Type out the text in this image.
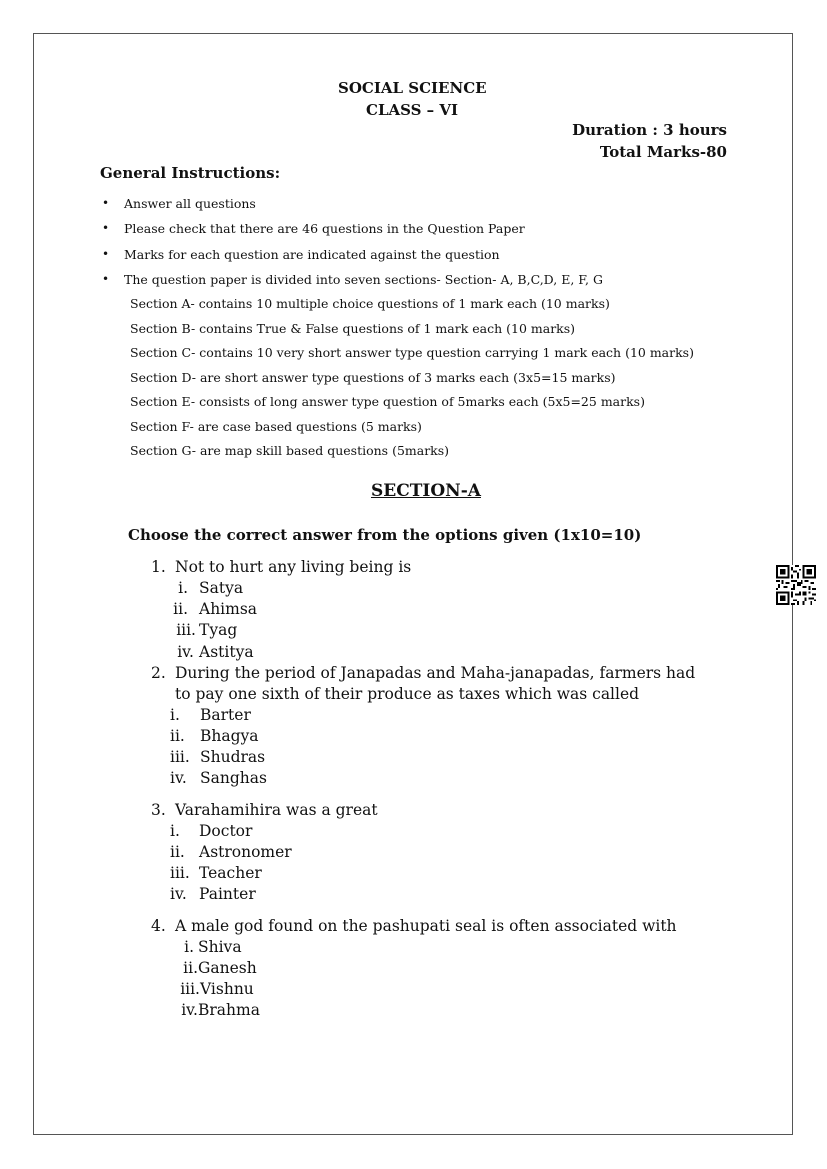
SOCIAL SCIENCE
CLASS – VI
Duration : 3 hours
Total Marks-80
General Instructions:
• Answer all questions
• Please check that there are 46 questions in the Question Paper
• Marks for each question are indicated against the question
• The question paper is divided into seven sections- Section- A, B,C,D, E, F, G
Section A- contains 10 multiple choice questions of 1 mark each (10 marks)
Section B- contains True & False questions of 1 mark each (10 marks)
Section C- contains 10 very short answer type question carrying 1 mark each (10 marks)
Section D- are short answer type questions of 3 marks each (3x5=15 marks)
Section E- consists of long answer type question of 5marks each (5x5=25 marks)
Section F- are case based questions (5 marks)
Section G- are map skill based questions (5marks)
SECTION-A
Choose the correct answer from the options given (1x10=10)
1. Not to hurt any living being is
i. Satya
ii. Ahimsa
iii. Tyag
iv. Astitya
2. During the period of Janapadas and Maha-janapadas, farmers had
to pay one sixth of their produce as taxes which was called
i. Barter
ii. Bhagya
iii. Shudras
iv. Sanghas
3. Varahamihira was a great
i. Doctor
ii. Astronomer
iii. Teacher
iv. Painter
4. A male god found on the pashupati seal is often associated with
i. Shiva
ii. Ganesh
iii. Vishnu
iv. Brahma
